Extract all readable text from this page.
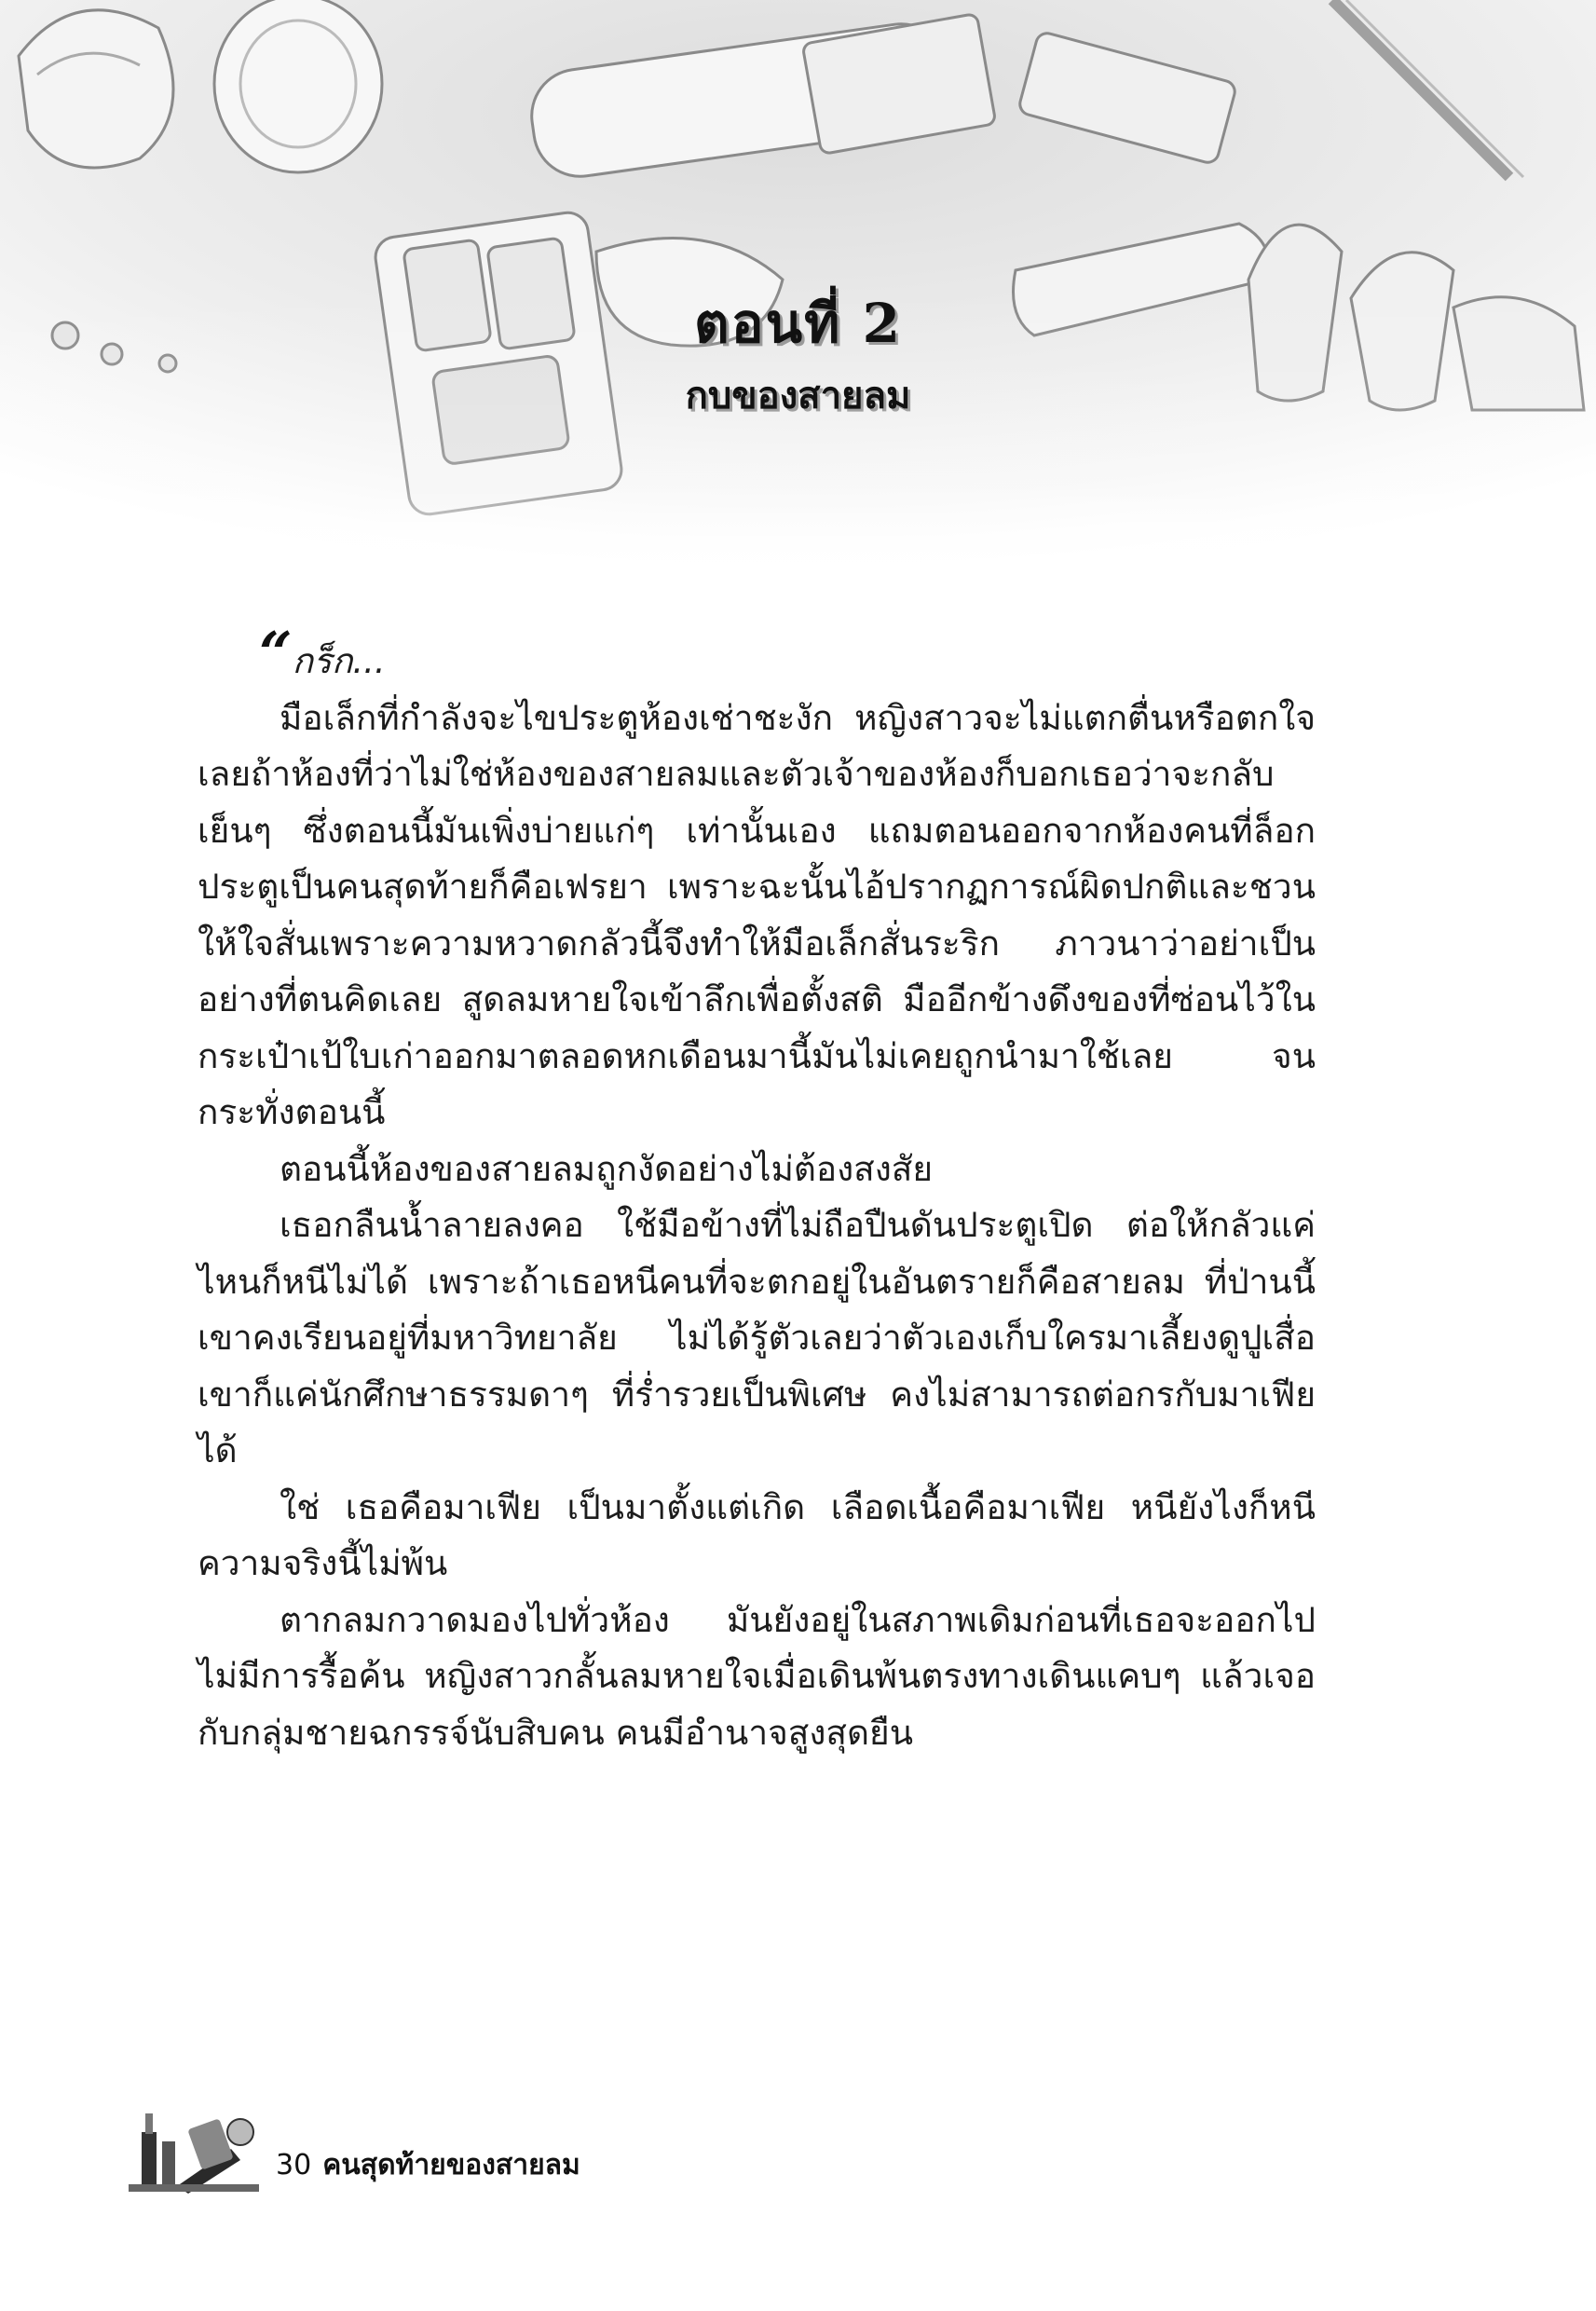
ตอนที่ 2
กบของสายลม

“กร็ก...

มือเล็กที่กำลังจะไขประตูห้องเช่าชะงัก หญิงสาวจะไม่แตกตื่นหรือตกใจเลยถ้าห้องที่ว่าไม่ใช่ห้องของสายลมและตัวเจ้าของห้องก็บอกเธอว่าจะกลับเย็นๆ ซึ่งตอนนี้มันเพิ่งบ่ายแก่ๆ เท่านั้นเอง แถมตอนออกจากห้องคนที่ล็อกประตูเป็นคนสุดท้ายก็คือเฟรยา เพราะฉะนั้นไอ้ปรากฏการณ์ผิดปกติและชวนให้ใจสั่นเพราะความหวาดกลัวนี้จึงทำให้มือเล็กสั่นระริก ภาวนาว่าอย่าเป็นอย่างที่ตนคิดเลย สูดลมหายใจเข้าลึกเพื่อตั้งสติ มืออีกข้างดึงของที่ซ่อนไว้ในกระเป๋าเป้ใบเก่าออกมาตลอดหกเดือนมานี้มันไม่เคยถูกนำมาใช้เลย จนกระทั่งตอนนี้

ตอนนี้ห้องของสายลมถูกงัดอย่างไม่ต้องสงสัย

เธอกลืนน้ำลายลงคอ ใช้มือข้างที่ไม่ถือปืนดันประตูเปิด ต่อให้กลัวแค่ไหนก็หนีไม่ได้ เพราะถ้าเธอหนีคนที่จะตกอยู่ในอันตรายก็คือสายลม ที่ป่านนี้เขาคงเรียนอยู่ที่มหาวิทยาลัย ไม่ได้รู้ตัวเลยว่าตัวเองเก็บใครมาเลี้ยงดูปูเสื่อ เขาก็แค่นักศึกษาธรรมดาๆ ที่ร่ำรวยเป็นพิเศษ คงไม่สามารถต่อกรกับมาเฟียได้

ใช่ เธอคือมาเฟีย เป็นมาตั้งแต่เกิด เลือดเนื้อคือมาเฟีย หนียังไงก็หนีความจริงนี้ไม่พ้น

ตากลมกวาดมองไปทั่วห้อง มันยังอยู่ในสภาพเดิมก่อนที่เธอจะออกไป ไม่มีการรื้อค้น หญิงสาวกลั้นลมหายใจเมื่อเดินพ้นตรงทางเดินแคบๆ แล้วเจอกับกลุ่มชายฉกรรจ์นับสิบคน คนมีอำนาจสูงสุดยืน

30 คนสุดท้ายของสายลม
